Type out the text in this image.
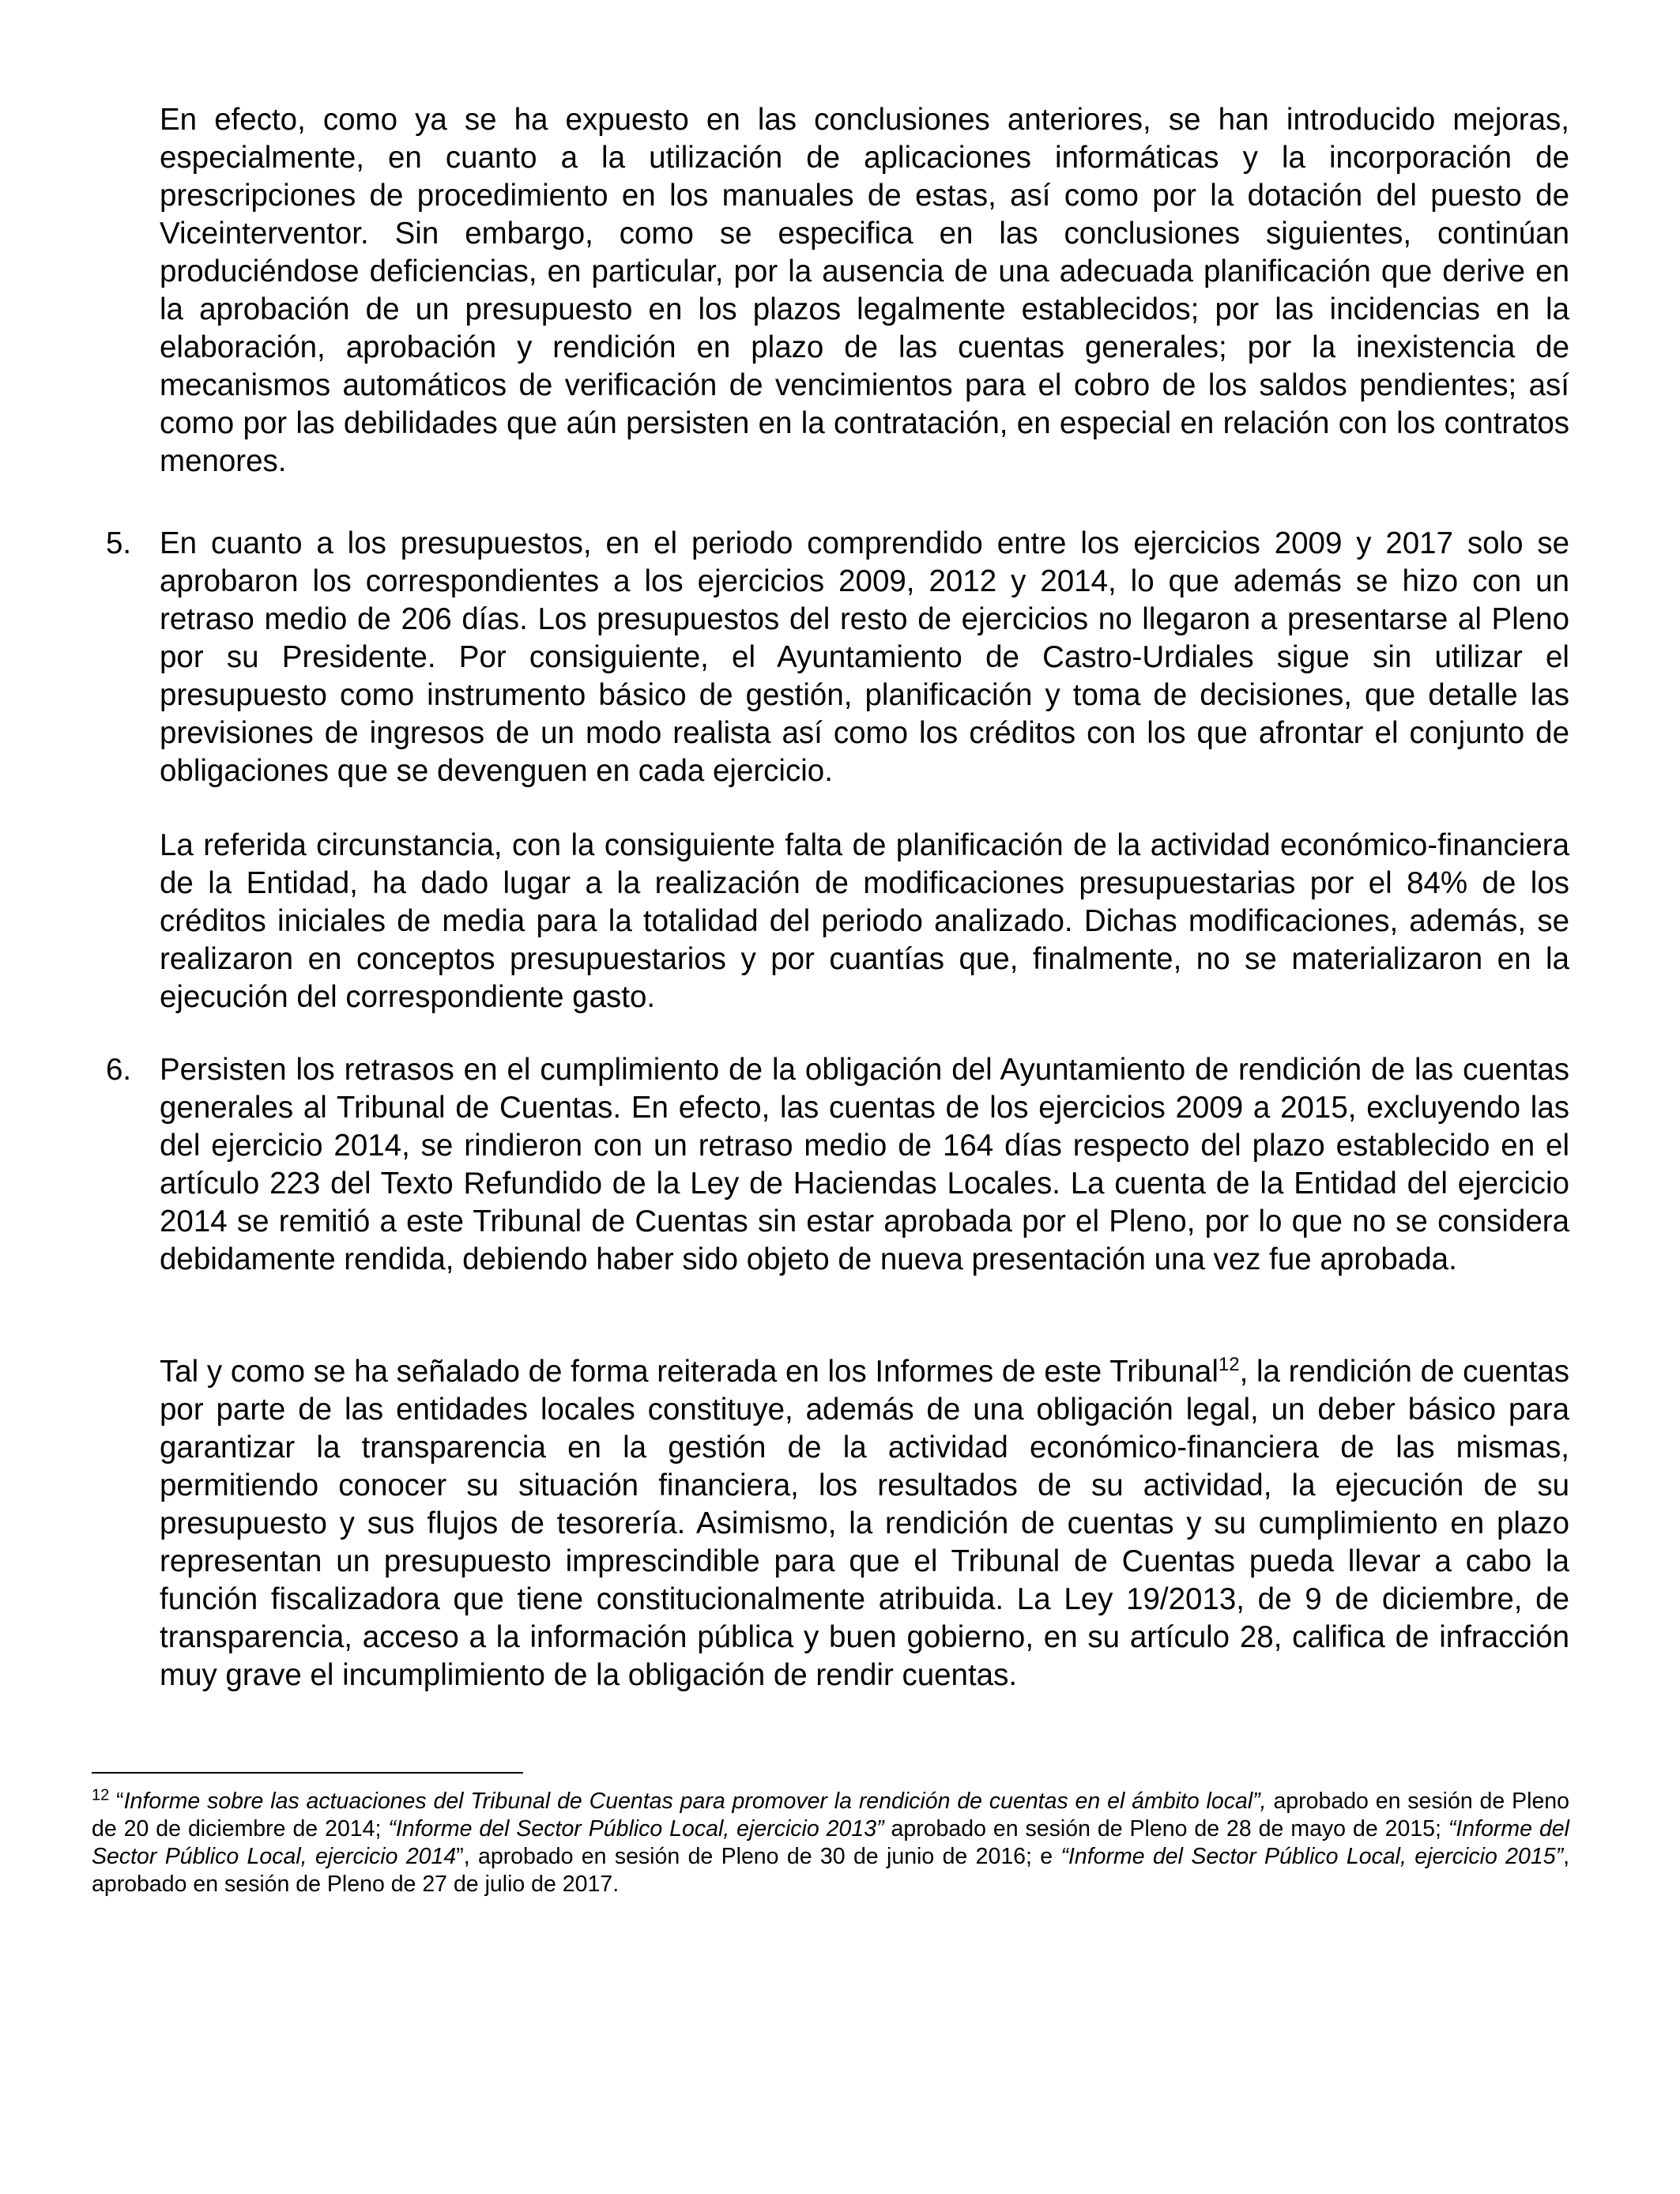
En efecto, como ya se ha expuesto en las conclusiones anteriores, se han introducido mejoras, especialmente, en cuanto a la utilización de aplicaciones informáticas y la incorporación de prescripciones de procedimiento en los manuales de estas, así como por la dotación del puesto de Viceinterventor. Sin embargo, como se especifica en las conclusiones siguientes, continúan produciéndose deficiencias, en particular, por la ausencia de una adecuada planificación que derive en la aprobación de un presupuesto en los plazos legalmente establecidos; por las incidencias en la elaboración, aprobación y rendición en plazo de las cuentas generales; por la inexistencia de mecanismos automáticos de verificación de vencimientos para el cobro de los saldos pendientes; así como por las debilidades que aún persisten en la contratación, en especial en relación con los contratos menores.

5. En cuanto a los presupuestos, en el periodo comprendido entre los ejercicios 2009 y 2017 solo se aprobaron los correspondientes a los ejercicios 2009, 2012 y 2014, lo que además se hizo con un retraso medio de 206 días. Los presupuestos del resto de ejercicios no llegaron a presentarse al Pleno por su Presidente. Por consiguiente, el Ayuntamiento de Castro-Urdiales sigue sin utilizar el presupuesto como instrumento básico de gestión, planificación y toma de decisiones, que detalle las previsiones de ingresos de un modo realista así como los créditos con los que afrontar el conjunto de obligaciones que se devenguen en cada ejercicio.

La referida circunstancia, con la consiguiente falta de planificación de la actividad económico-financiera de la Entidad, ha dado lugar a la realización de modificaciones presupuestarias por el 84% de los créditos iniciales de media para la totalidad del periodo analizado. Dichas modificaciones, además, se realizaron en conceptos presupuestarios y por cuantías que, finalmente, no se materializaron en la ejecución del correspondiente gasto.

6. Persisten los retrasos en el cumplimiento de la obligación del Ayuntamiento de rendición de las cuentas generales al Tribunal de Cuentas. En efecto, las cuentas de los ejercicios 2009 a 2015, excluyendo las del ejercicio 2014, se rindieron con un retraso medio de 164 días respecto del plazo establecido en el artículo 223 del Texto Refundido de la Ley de Haciendas Locales. La cuenta de la Entidad del ejercicio 2014 se remitió a este Tribunal de Cuentas sin estar aprobada por el Pleno, por lo que no se considera debidamente rendida, debiendo haber sido objeto de nueva presentación una vez fue aprobada.

Tal y como se ha señalado de forma reiterada en los Informes de este Tribunal$^{12}$, la rendición de cuentas por parte de las entidades locales constituye, además de una obligación legal, un deber básico para garantizar la transparencia en la gestión de la actividad económico-financiera de las mismas, permitiendo conocer su situación financiera, los resultados de su actividad, la ejecución de su presupuesto y sus flujos de tesorería. Asimismo, la rendición de cuentas y su cumplimiento en plazo representan un presupuesto imprescindible para que el Tribunal de Cuentas pueda llevar a cabo la función fiscalizadora que tiene constitucionalmente atribuida. La Ley 19/2013, de 9 de diciembre, de transparencia, acceso a la información pública y buen gobierno, en su artículo 28, califica de infracción muy grave el incumplimiento de la obligación de rendir cuentas.

$^{12}$ “Informe sobre las actuaciones del Tribunal de Cuentas para promover la rendición de cuentas en el ámbito local”, aprobado en sesión de Pleno de 20 de diciembre de 2014; “Informe del Sector Público Local, ejercicio 2013” aprobado en sesión de Pleno de 28 de mayo de 2015; “Informe del Sector Público Local, ejercicio 2014”, aprobado en sesión de Pleno de 30 de junio de 2016; e “Informe del Sector Público Local, ejercicio 2015”, aprobado en sesión de Pleno de 27 de julio de 2017.
